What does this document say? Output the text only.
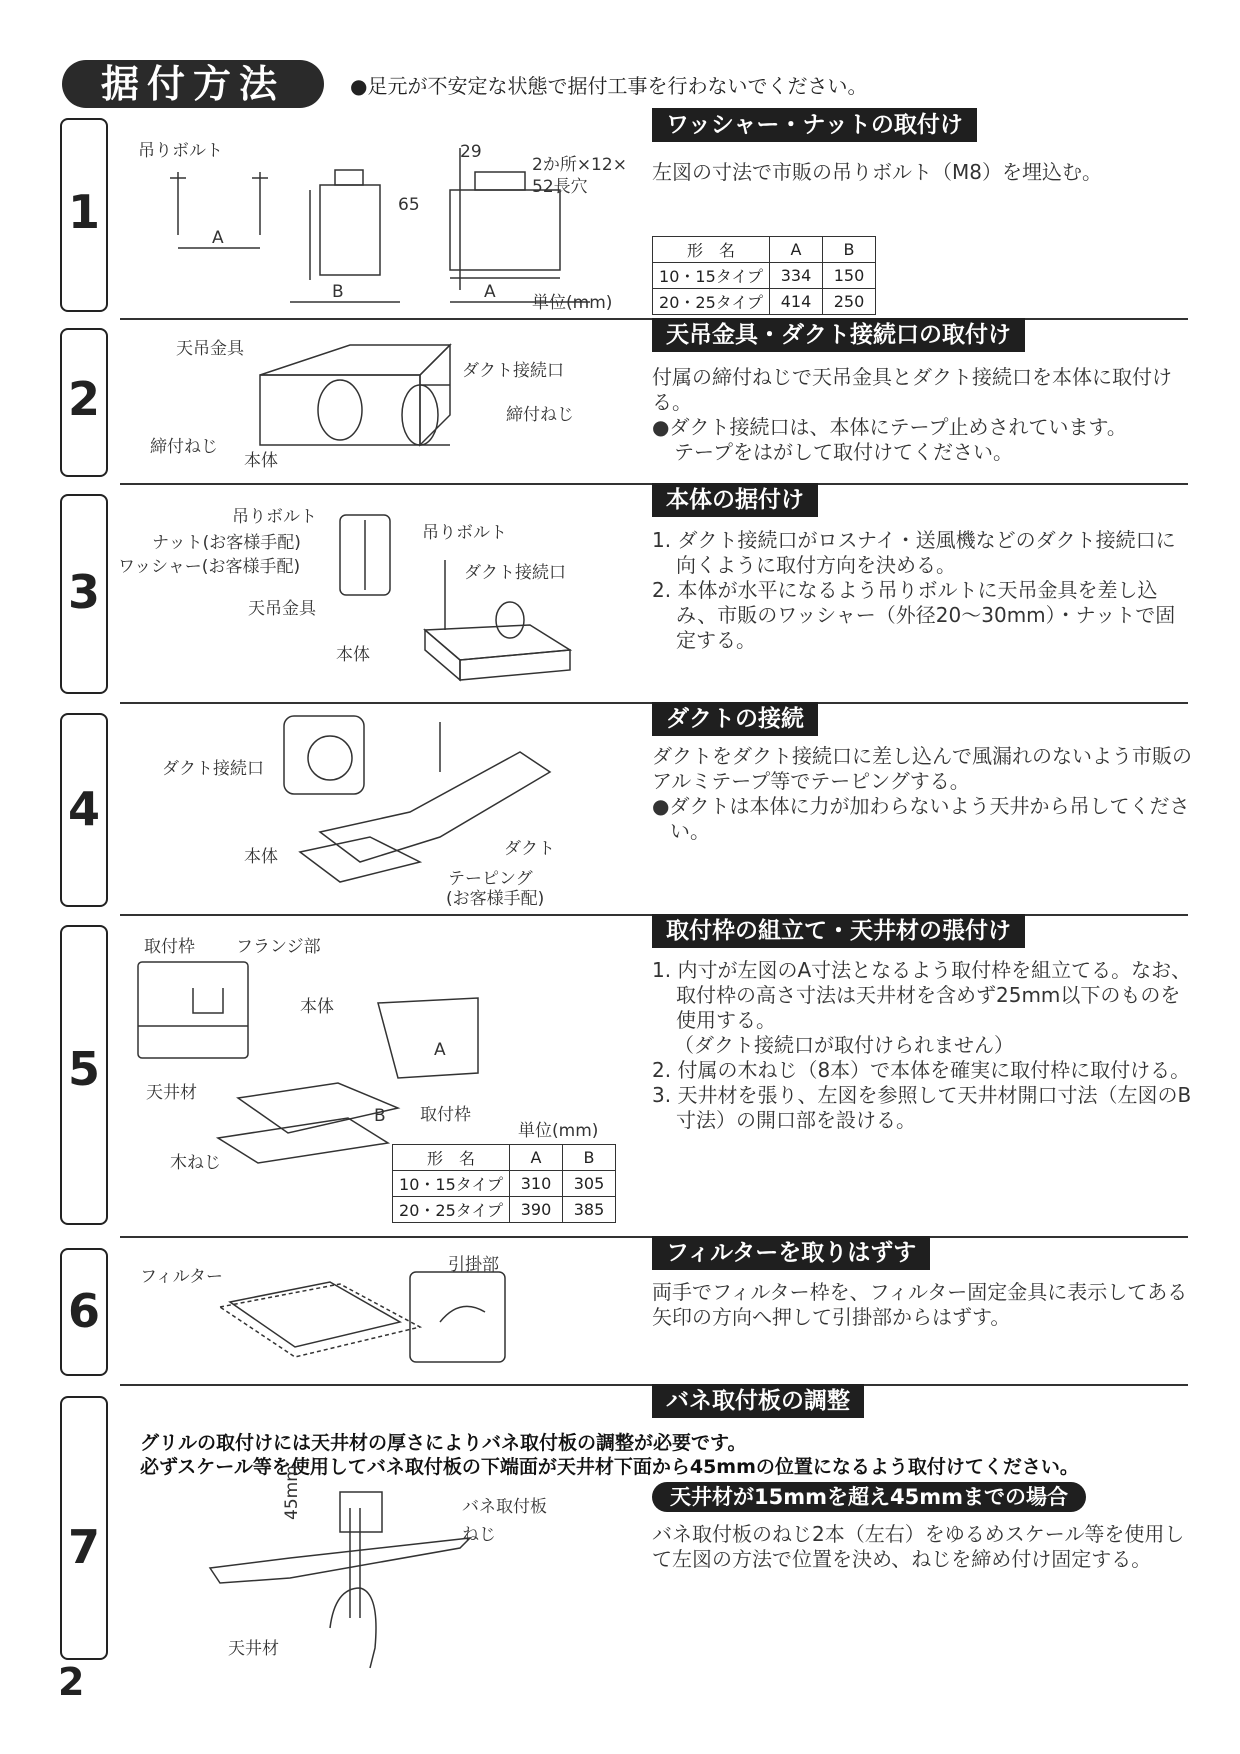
据付方法	●足元が不安定な状態で据付工事を行わないでください。
1
ワッシャー・ナットの取付け

左図の寸法で市販の吊りボルト（M8）を埋込む。

形　名	A	B
10・15タイプ	334	150
20・25タイプ	414	250
吊りボルト
A
B	A
29
65
2か所×12×
52長穴
単位(mm)
2
天吊金具・ダクト接続口の取付け

付属の締付ねじで天吊金具とダクト接続口を本体に取付ける。

●ダクト接続口は、本体にテープ止めされています。

テープをはがして取付けてください。

天吊金具
ダクト接続口
締付ねじ
締付ねじ
本体
3
本体の据付け

1. ダクト接続口がロスナイ・送風機などのダクト接続口に向くように取付方向を決める。

2. 本体が水平になるよう吊りボルトに天吊金具を差し込み、市販のワッシャー（外径20〜30mm）・ナットで固定する。

吊りボルト
ナット(お客様手配)
ワッシャー(お客様手配)
天吊金具
吊りボルト
ダクト接続口
本体
4
ダクトの接続

ダクトをダクト接続口に差し込んで風漏れのないよう市販のアルミテープ等でテーピングする。

●ダクトは本体に力が加わらないよう天井から吊してください。

ダクト接続口
本体	ダクト
テーピング
(お客様手配)
5
取付枠の組立て・天井材の張付け

1. 内寸が左図のA寸法となるよう取付枠を組立てる。なお、取付枠の高さ寸法は天井材を含めず25mm以下のものを使用する。

（ダクト接続口が取付けられません）

2. 付属の木ねじ（8本）で本体を確実に取付枠に取付ける。

3. 天井材を張り、左図を参照して天井材開口寸法（左図のB寸法）の開口部を設ける。

取付枠 フランジ部
本体
天井材
取付枠
木ねじ
A
B
単位(mm)
形　名	A	B
10・15タイプ	310	305
20・25タイプ	390	385
6
フィルターを取りはずす

両手でフィルター枠を、フィルター固定金具に表示してある矢印の方向へ押して引掛部からはずす。

フィルター
引掛部
7
バネ取付板の調整
グリルの取付けには天井材の厚さによりバネ取付板の調整が必要です。
必ずスケール等を使用してバネ取付板の下端面が天井材下面から45mmの位置になるよう取付けてください。
天井材が15mmを超え45mmまでの場合

バネ取付板のねじ2本（左右）をゆるめスケール等を使用して左図の方法で位置を決め、ねじを締め付け固定する。

バネ取付板
ねじ
45mm
天井材
2
